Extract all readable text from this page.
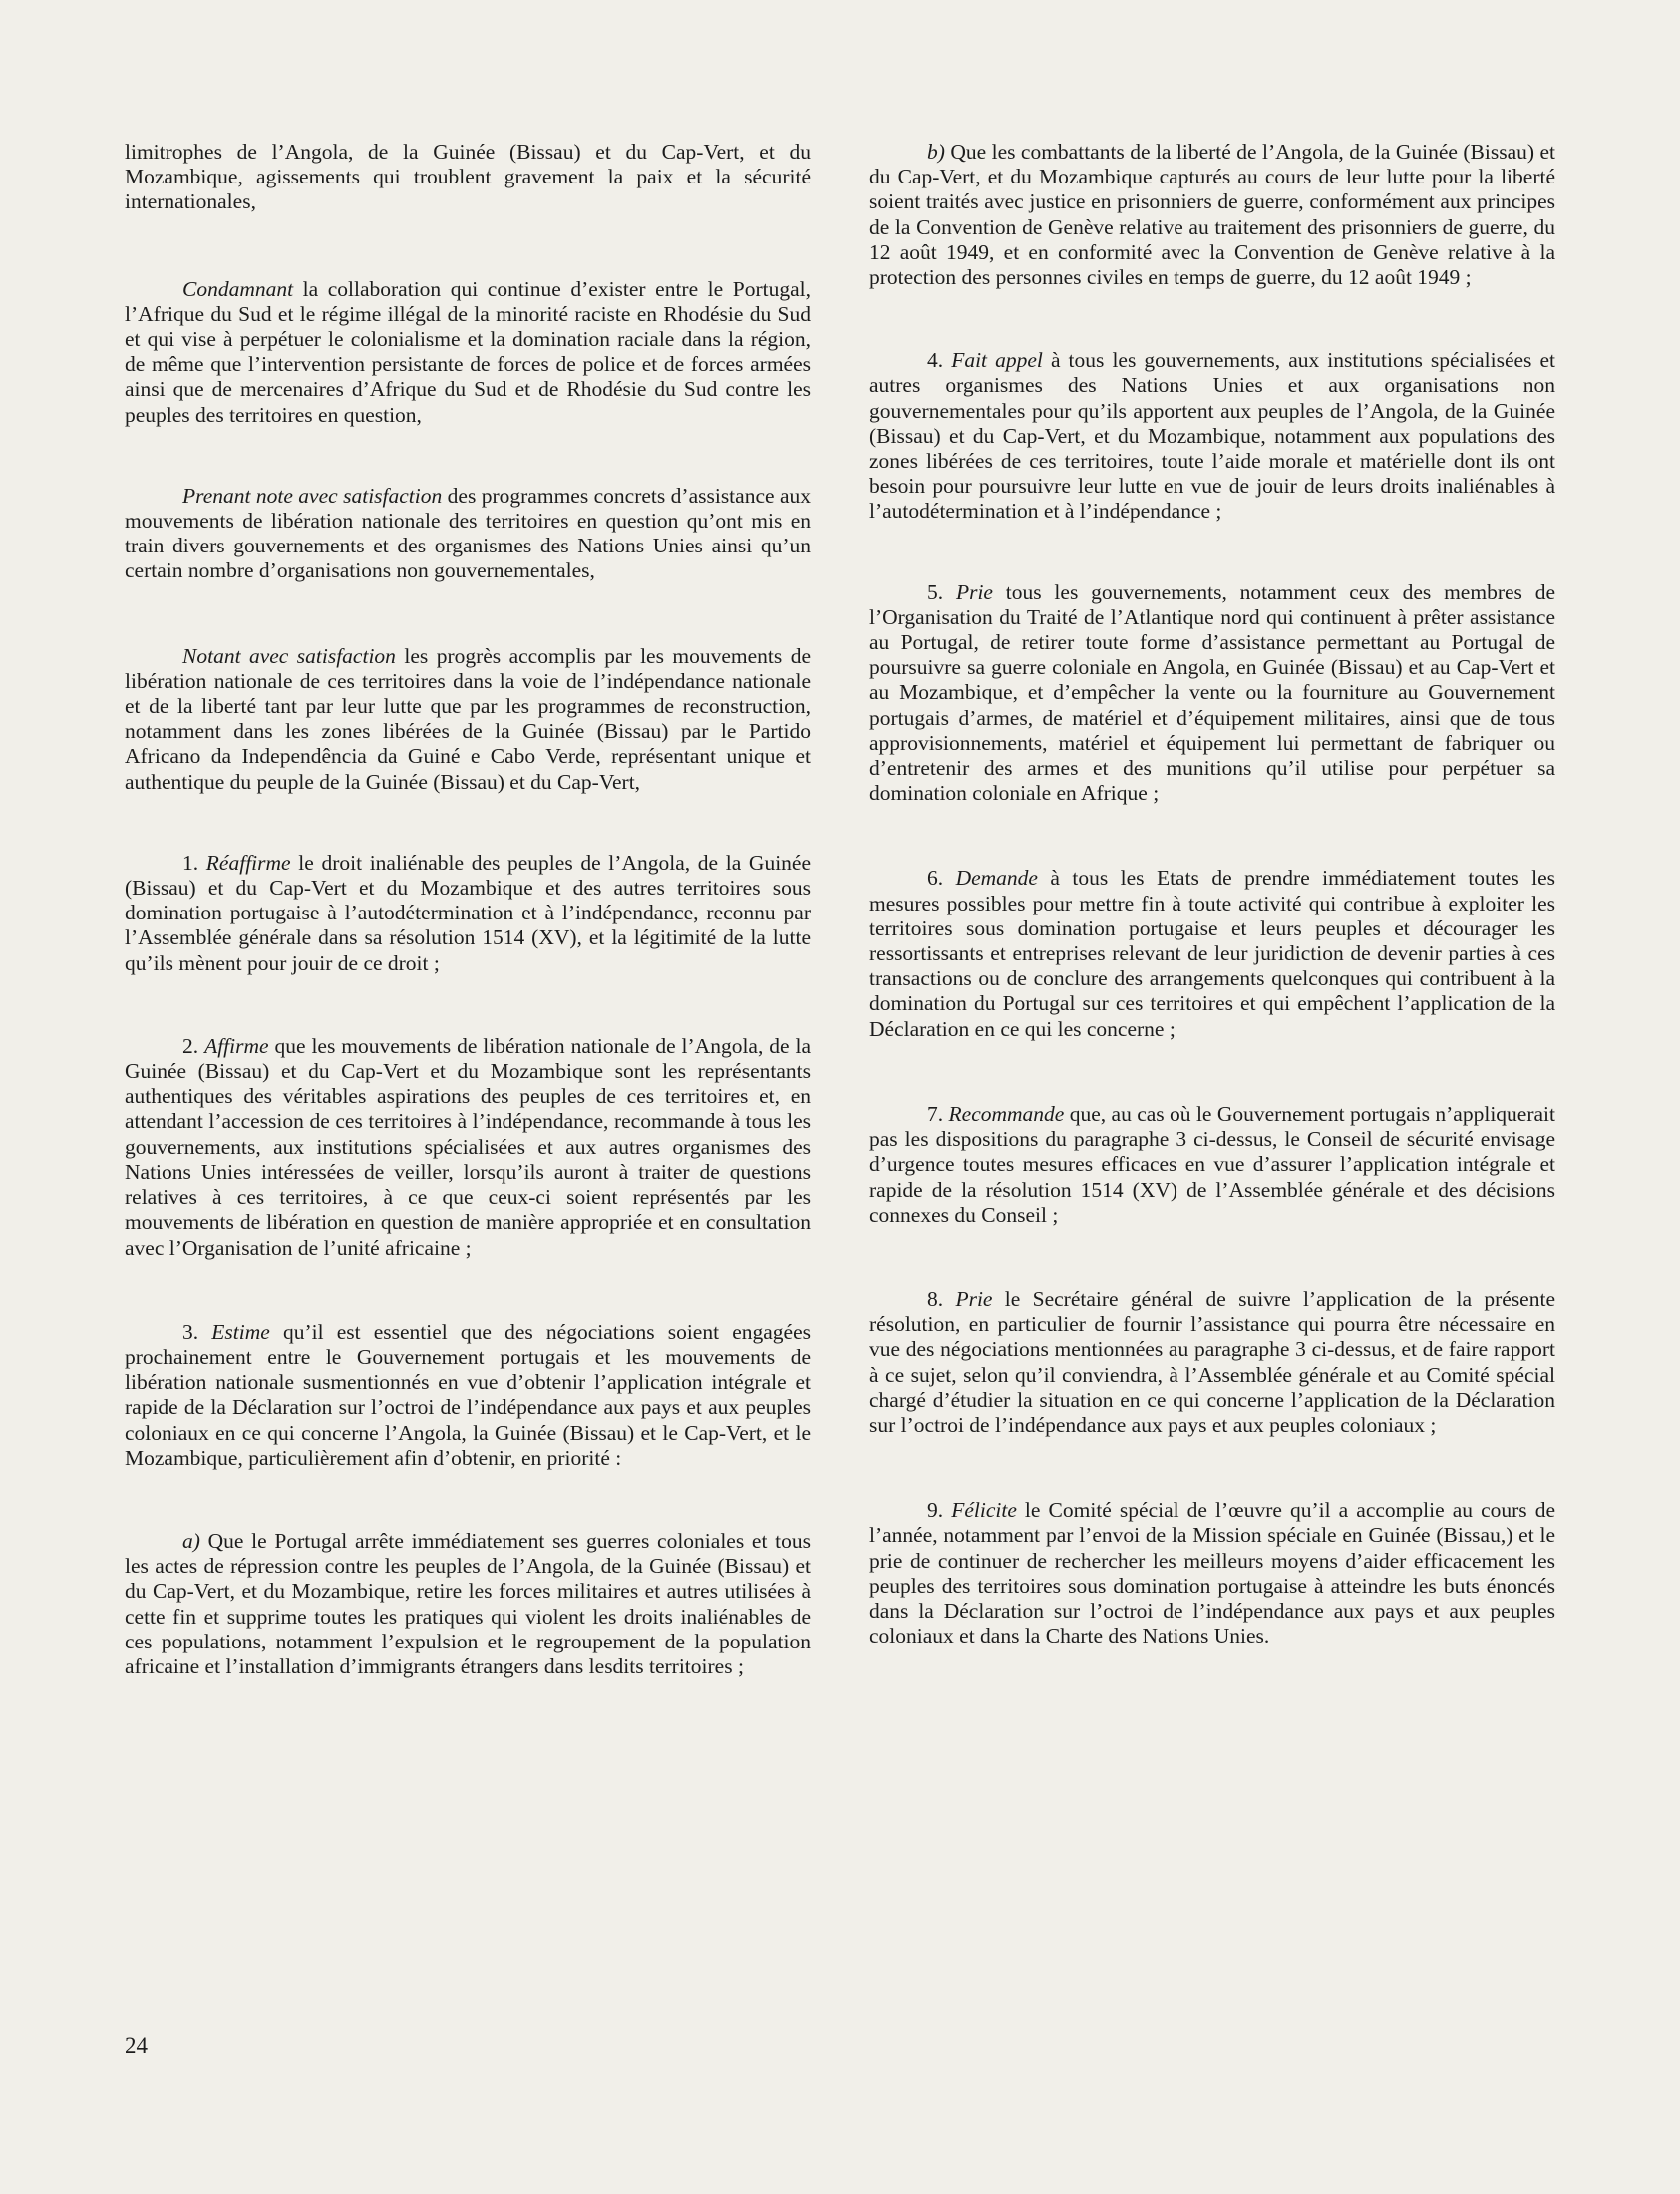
limitrophes de l’Angola, de la Guinée (Bissau) et du Cap-Vert, et du Mozambique, agissements qui troublent gravement la paix et la sécurité internationales,

Condamnant la collaboration qui continue d’exister entre le Portugal, l’Afrique du Sud et le régime illégal de la minorité raciste en Rhodésie du Sud et qui vise à perpétuer le colonialisme et la domination raciale dans la région, de même que l’intervention persistante de forces de police et de forces armées ainsi que de mercenaires d’Afrique du Sud et de Rhodésie du Sud contre les peuples des territoires en question,

Prenant note avec satisfaction des programmes concrets d’assistance aux mouvements de libération nationale des territoires en question qu’ont mis en train divers gouvernements et des organismes des Nations Unies ainsi qu’un certain nombre d’organisations non gouvernementales,

Notant avec satisfaction les progrès accomplis par les mouvements de libération nationale de ces territoires dans la voie de l’indépendance nationale et de la liberté tant par leur lutte que par les programmes de reconstruction, notamment dans les zones libérées de la Guinée (Bissau) par le Partido Africano da Independência da Guiné e Cabo Verde, représentant unique et authentique du peuple de la Guinée (Bissau) et du Cap-Vert,

1. Réaffirme le droit inaliénable des peuples de l’Angola, de la Guinée (Bissau) et du Cap-Vert et du Mozambique et des autres territoires sous domination portugaise à l’autodétermination et à l’indépendance, reconnu par l’Assemblée générale dans sa résolution 1514 (XV), et la légitimité de la lutte qu’ils mènent pour jouir de ce droit ;

2. Affirme que les mouvements de libération nationale de l’Angola, de la Guinée (Bissau) et du Cap-Vert et du Mozambique sont les représentants authentiques des véritables aspirations des peuples de ces territoires et, en attendant l’accession de ces territoires à l’indépendance, recommande à tous les gouvernements, aux institutions spécialisées et aux autres organismes des Nations Unies intéressées de veiller, lorsqu’ils auront à traiter de questions relatives à ces territoires, à ce que ceux-ci soient représentés par les mouvements de libération en question de manière appropriée et en consultation avec l’Organisation de l’unité africaine ;

3. Estime qu’il est essentiel que des négociations soient engagées prochainement entre le Gouvernement portugais et les mouvements de libération nationale susmentionnés en vue d’obtenir l’application intégrale et rapide de la Déclaration sur l’octroi de l’indépendance aux pays et aux peuples coloniaux en ce qui concerne l’Angola, la Guinée (Bissau) et le Cap-Vert, et le Mozambique, particulièrement afin d’obtenir, en priorité :

a) Que le Portugal arrête immédiatement ses guerres coloniales et tous les actes de répression contre les peuples de l’Angola, de la Guinée (Bissau) et du Cap-Vert, et du Mozambique, retire les forces militaires et autres utilisées à cette fin et supprime toutes les pratiques qui violent les droits inaliénables de ces populations, notamment l’expulsion et le regroupement de la population africaine et l’installation d’immigrants étrangers dans lesdits territoires ;

b) Que les combattants de la liberté de l’Angola, de la Guinée (Bissau) et du Cap-Vert, et du Mozambique capturés au cours de leur lutte pour la liberté soient traités avec justice en prisonniers de guerre, conformément aux principes de la Convention de Genève relative au traitement des prisonniers de guerre, du 12 août 1949, et en conformité avec la Convention de Genève relative à la protection des personnes civiles en temps de guerre, du 12 août 1949 ;

4. Fait appel à tous les gouvernements, aux institutions spécialisées et autres organismes des Nations Unies et aux organisations non gouvernementales pour qu’ils apportent aux peuples de l’Angola, de la Guinée (Bissau) et du Cap-Vert, et du Mozambique, notamment aux populations des zones libérées de ces territoires, toute l’aide morale et matérielle dont ils ont besoin pour poursuivre leur lutte en vue de jouir de leurs droits inaliénables à l’autodétermination et à l’indépendance ;

5. Prie tous les gouvernements, notamment ceux des membres de l’Organisation du Traité de l’Atlantique nord qui continuent à prêter assistance au Portugal, de retirer toute forme d’assistance permettant au Portugal de poursuivre sa guerre coloniale en Angola, en Guinée (Bissau) et au Cap-Vert et au Mozambique, et d’empêcher la vente ou la fourniture au Gouvernement portugais d’armes, de matériel et d’équipement militaires, ainsi que de tous approvisionnements, matériel et équipement lui permettant de fabriquer ou d’entretenir des armes et des munitions qu’il utilise pour perpétuer sa domination coloniale en Afrique ;

6. Demande à tous les Etats de prendre immédiatement toutes les mesures possibles pour mettre fin à toute activité qui contribue à exploiter les territoires sous domination portugaise et leurs peuples et décourager les ressortissants et entreprises relevant de leur juridiction de devenir parties à ces transactions ou de conclure des arrangements quelconques qui contribuent à la domination du Portugal sur ces territoires et qui empêchent l’application de la Déclaration en ce qui les concerne ;

7. Recommande que, au cas où le Gouvernement portugais n’appliquerait pas les dispositions du paragraphe 3 ci-dessus, le Conseil de sécurité envisage d’urgence toutes mesures efficaces en vue d’assurer l’application intégrale et rapide de la résolution 1514 (XV) de l’Assemblée générale et des décisions connexes du Conseil ;

8. Prie le Secrétaire général de suivre l’application de la présente résolution, en particulier de fournir l’assistance qui pourra être nécessaire en vue des négociations mentionnées au paragraphe 3 ci-dessus, et de faire rapport à ce sujet, selon qu’il conviendra, à l’Assemblée générale et au Comité spécial chargé d’étudier la situation en ce qui concerne l’application de la Déclaration sur l’octroi de l’indépendance aux pays et aux peuples coloniaux ;

9. Félicite le Comité spécial de l’œuvre qu’il a accomplie au cours de l’année, notamment par l’envoi de la Mission spéciale en Guinée (Bissau,) et le prie de continuer de rechercher les meilleurs moyens d’aider efficacement les peuples des territoires sous domination portugaise à atteindre les buts énoncés dans la Déclaration sur l’octroi de l’indépendance aux pays et aux peuples coloniaux et dans la Charte des Nations Unies.

24
